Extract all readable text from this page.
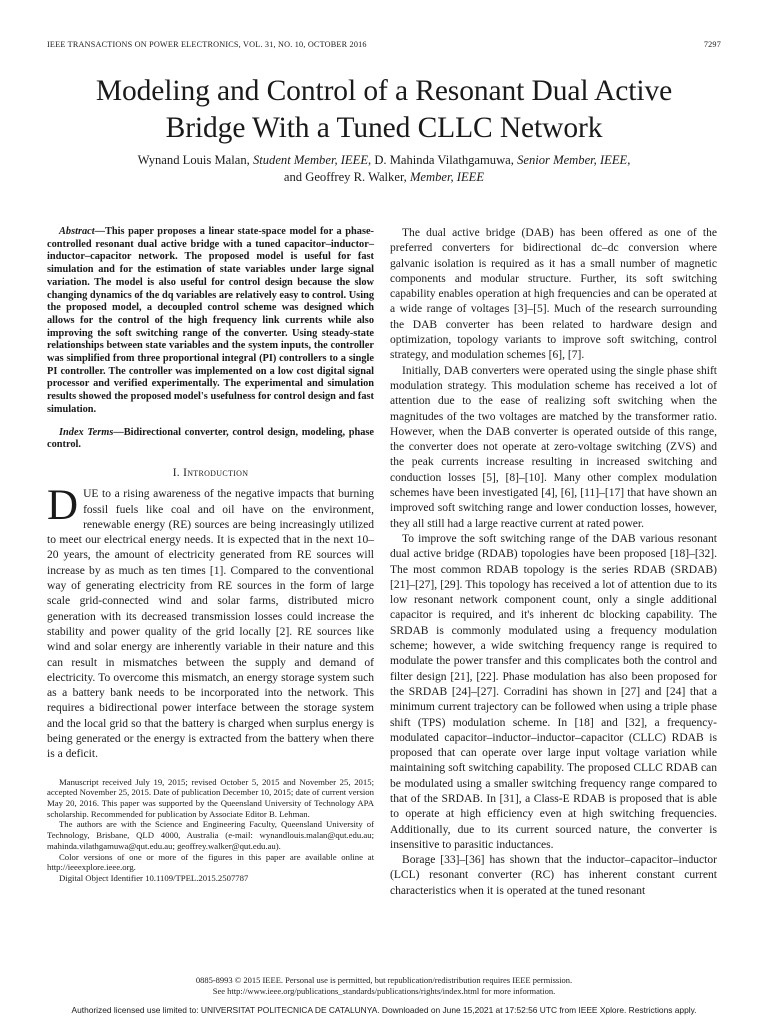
IEEE TRANSACTIONS ON POWER ELECTRONICS, VOL. 31, NO. 10, OCTOBER 2016	7297
Modeling and Control of a Resonant Dual Active
Bridge With a Tuned CLLC Network
Wynand Louis Malan, Student Member, IEEE, D. Mahinda Vilathgamuwa, Senior Member, IEEE,
and Geoffrey R. Walker, Member, IEEE

Abstract—This paper proposes a linear state-space model for a phase-controlled resonant dual active bridge with a tuned capacitor–inductor–inductor–capacitor network. The proposed model is useful for fast simulation and for the estimation of state variables under large signal variation. The model is also useful for control design because the slow changing dynamics of the dq variables are relatively easy to control. Using the proposed model, a decoupled control scheme was designed which allows for the control of the high frequency link currents while also improving the soft switching range of the converter. Using steady-state relationships between state variables and the system inputs, the controller was simplified from three proportional integral (PI) controllers to a single PI controller. The controller was implemented on a low cost digital signal processor and verified experimentally. The experimental and simulation results showed the proposed model's usefulness for control design and fast simulation.

Index Terms—Bidirectional converter, control design, modeling, phase control.

I. Introduction

DUE to a rising awareness of the negative impacts that burning fossil fuels like coal and oil have on the environment, renewable energy (RE) sources are being increasingly utilized to meet our electrical energy needs. It is expected that in the next 10–20 years, the amount of electricity generated from RE sources will increase by as much as ten times [1]. Compared to the conventional way of generating electricity from RE sources in the form of large scale grid-connected wind and solar farms, distributed micro generation with its decreased transmission losses could increase the stability and power quality of the grid locally [2]. RE sources like wind and solar energy are inherently variable in their nature and this can result in mismatches between the supply and demand of electricity. To overcome this mismatch, an energy storage system such as a battery bank needs to be incorporated into the network. This requires a bidirectional power interface between the storage system and the local grid so that the battery is charged when surplus energy is being generated or the energy is extracted from the battery when there is a deficit.

Manuscript received July 19, 2015; revised October 5, 2015 and November 25, 2015; accepted November 25, 2015. Date of publication December 10, 2015; date of current version May 20, 2016. This paper was supported by the Queensland University of Technology APA scholarship. Recommended for publication by Associate Editor B. Lehman.

The authors are with the Science and Engineering Faculty, Queensland University of Technology, Brisbane, QLD 4000, Australia (e-mail: wynandlouis.malan@qut.edu.au; mahinda.vilathgamuwa@qut.edu.au; geoffrey.walker@qut.edu.au).

Color versions of one or more of the figures in this paper are available online at http://ieeexplore.ieee.org.

Digital Object Identifier 10.1109/TPEL.2015.2507787

The dual active bridge (DAB) has been offered as one of the preferred converters for bidirectional dc–dc conversion where galvanic isolation is required as it has a small number of magnetic components and modular structure. Further, its soft switching capability enables operation at high frequencies and can be operated at a wide range of voltages [3]–[5]. Much of the research surrounding the DAB converter has been related to hardware design and optimization, topology variants to improve soft switching, control strategy, and modulation schemes [6], [7].

Initially, DAB converters were operated using the single phase shift modulation strategy. This modulation scheme has received a lot of attention due to the ease of realizing soft switching when the magnitudes of the two voltages are matched by the transformer ratio. However, when the DAB converter is operated outside of this range, the converter does not operate at zero-voltage switching (ZVS) and the peak currents increase resulting in increased switching and conduction losses [5], [8]–[10]. Many other complex modulation schemes have been investigated [4], [6], [11]–[17] that have shown an improved soft switching range and lower conduction losses, however, they all still had a large reactive current at rated power.

To improve the soft switching range of the DAB various resonant dual active bridge (RDAB) topologies have been proposed [18]–[32]. The most common RDAB topology is the series RDAB (SRDAB) [21]–[27], [29]. This topology has received a lot of attention due to its low resonant network component count, only a single additional capacitor is required, and it's inherent dc blocking capability. The SRDAB is commonly modulated using a frequency modulation scheme; however, a wide switching frequency range is required to modulate the power transfer and this complicates both the control and filter design [21], [22]. Phase modulation has also been proposed for the SRDAB [24]–[27]. Corradini has shown in [27] and [24] that a minimum current trajectory can be followed when using a triple phase shift (TPS) modulation scheme. In [18] and [32], a frequency-modulated capacitor–inductor–inductor–capacitor (CLLC) RDAB is proposed that can operate over large input voltage variation while maintaining soft switching capability. The proposed CLLC RDAB can be modulated using a smaller switching frequency range compared to that of the SRDAB. In [31], a Class-E RDAB is proposed that is able to operate at high efficiency even at high switching frequencies. Additionally, due to its current sourced nature, the converter is insensitive to parasitic inductances.

Borage [33]–[36] has shown that the inductor–capacitor–inductor (LCL) resonant converter (RC) has inherent constant current characteristics when it is operated at the tuned resonant

0885-8993 © 2015 IEEE. Personal use is permitted, but republication/redistribution requires IEEE permission.
See http://www.ieee.org/publications_standards/publications/rights/index.html for more information.
Authorized licensed use limited to: UNIVERSITAT POLITECNICA DE CATALUNYA. Downloaded on June 15,2021 at 17:52:56 UTC from IEEE Xplore. Restrictions apply.
